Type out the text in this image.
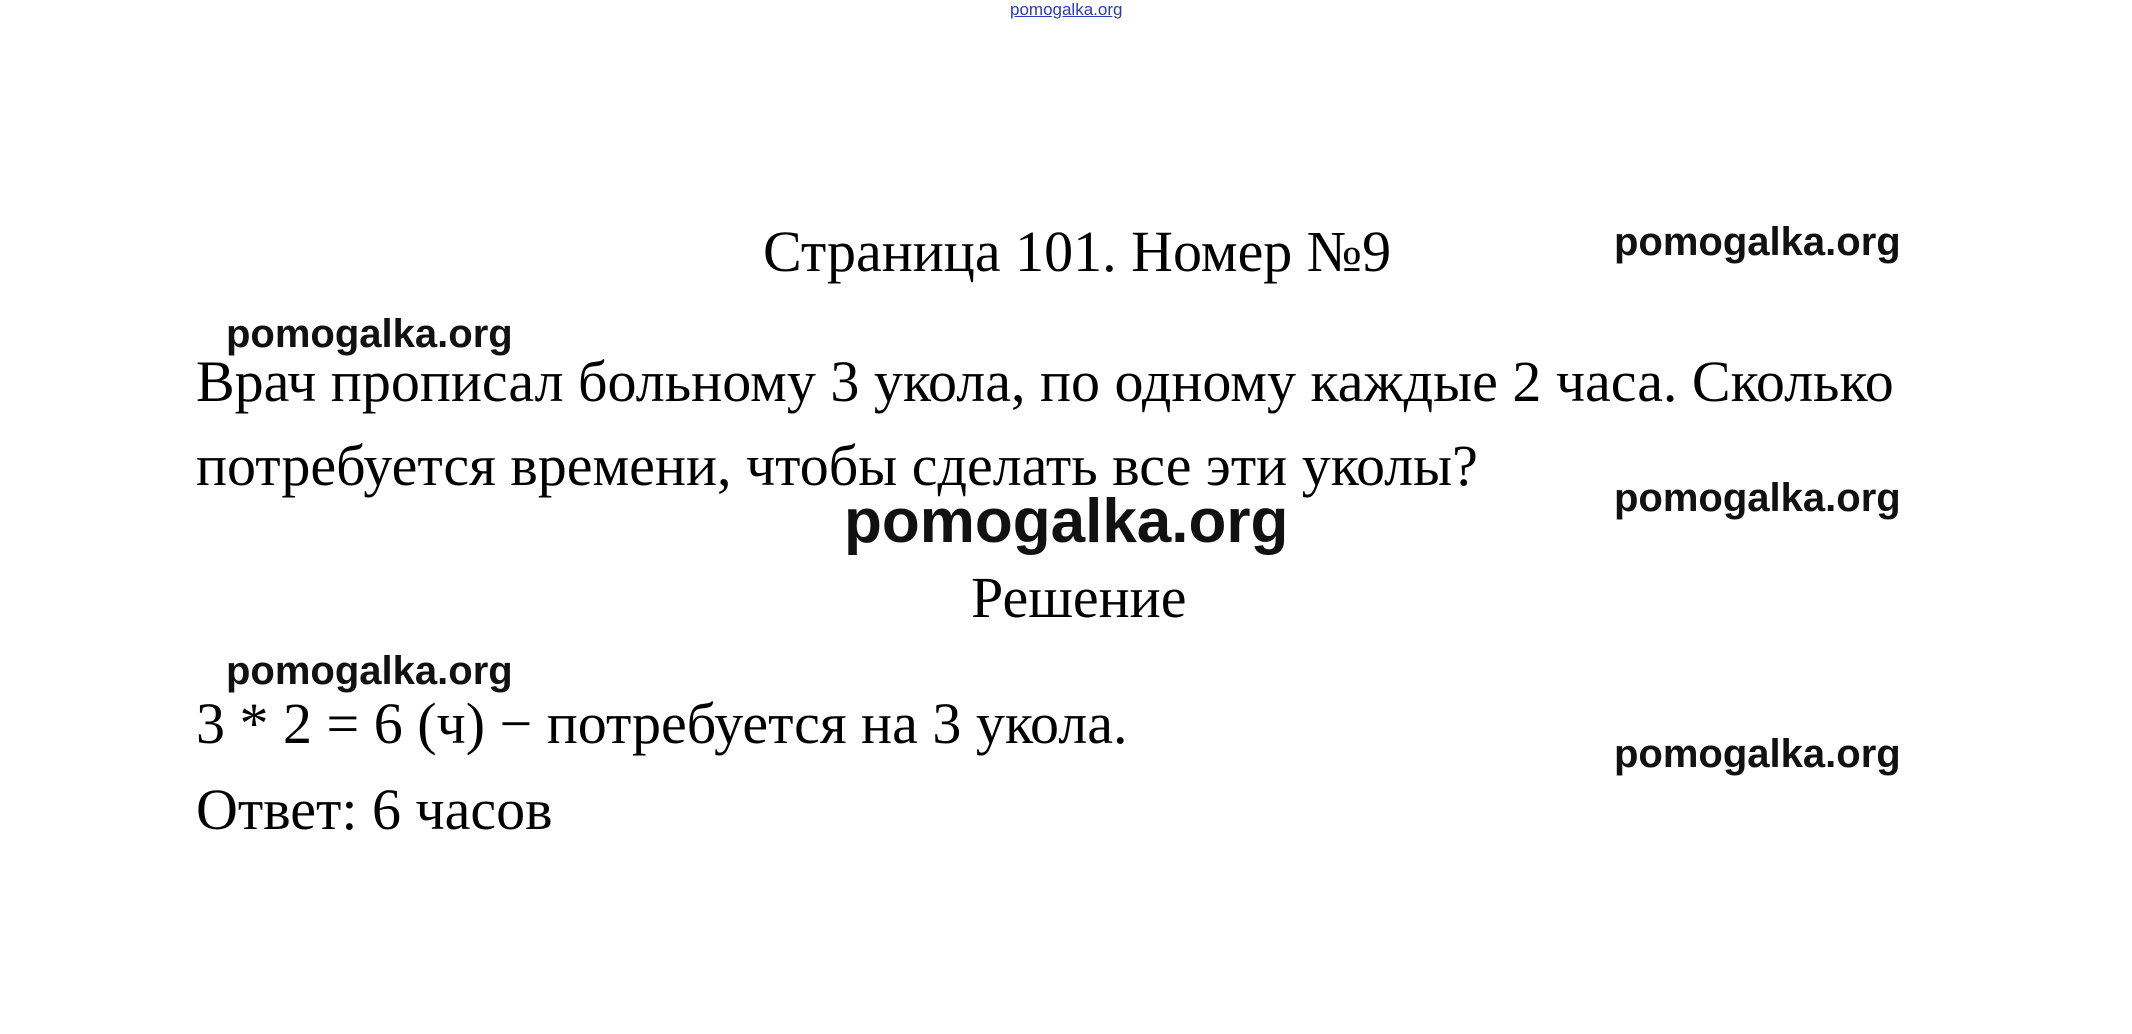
pomogalka.org
Страница 101. Номер №9	pomogalka.org
pomogalka.org
Врач прописал больному 3 укола, по одному каждые 2 часа. Сколько
потребуется времени, чтобы сделать все эти уколы?	pomogalka.org
pomogalka.org
Решение
pomogalka.org
3 * 2 = 6 (ч) − потребуется на 3 укола.	pomogalka.org
Ответ: 6 часов
